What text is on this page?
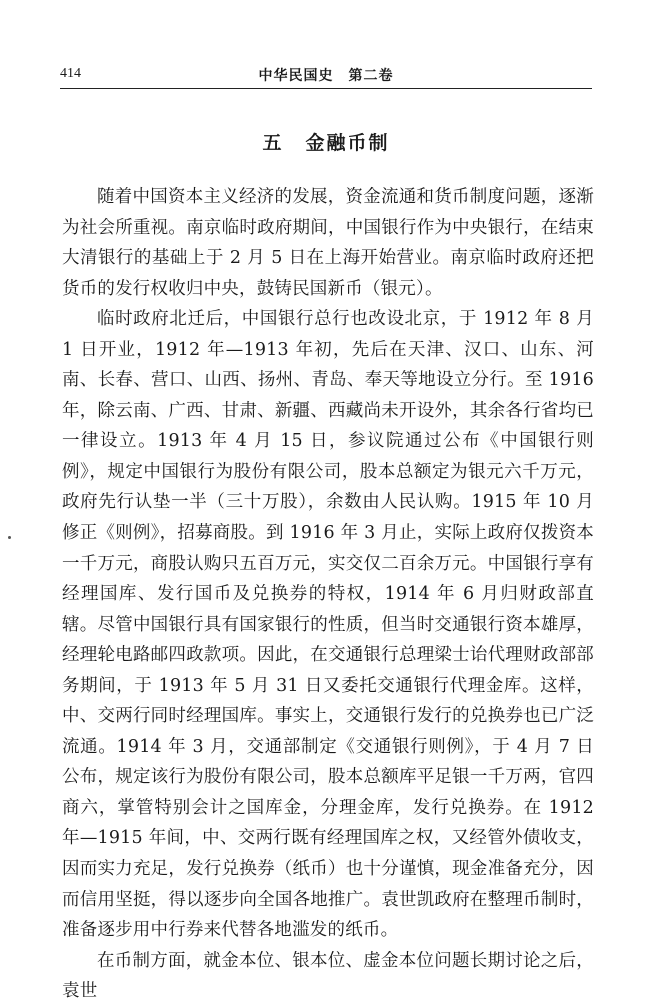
414	中华民国史　第二卷
五 金融币制

随着中国资本主义经济的发展，资金流通和货币制度问题，逐渐为社会所重视。南京临时政府期间，中国银行作为中央银行，在结束大清银行的基础上于 2 月 5 日在上海开始营业。南京临时政府还把货币的发行权收归中央，鼓铸民国新币（银元）。

临时政府北迁后，中国银行总行也改设北京，于 1912 年 8 月 1 日开业，1912 年—1913 年初，先后在天津、汉口、山东、河南、长春、营口、山西、扬州、青岛、奉天等地设立分行。至 1916 年，除云南、广西、甘肃、新疆、西藏尚未开设外，其余各行省均已一律设立。1913 年 4 月 15 日，参议院通过公布《中国银行则例》，规定中国银行为股份有限公司，股本总额定为银元六千万元，政府先行认垫一半（三十万股），余数由人民认购。1915 年 10 月修正《则例》，招募商股。到 1916 年 3 月止，实际上政府仅拨资本一千万元，商股认购只五百万元，实交仅二百余万元。中国银行享有经理国库、发行国币及兑换券的特权，1914 年 6 月归财政部直辖。尽管中国银行具有国家银行的性质，但当时交通银行资本雄厚，经理轮电路邮四政款项。因此，在交通银行总理梁士诒代理财政部部务期间，于 1913 年 5 月 31 日又委托交通银行代理金库。这样，中、交两行同时经理国库。事实上，交通银行发行的兑换券也已广泛流通。1914 年 3 月，交通部制定《交通银行则例》，于 4 月 7 日公布，规定该行为股份有限公司，股本总额库平足银一千万两，官四商六，掌管特别会计之国库金，分理金库，发行兑换券。在 1912 年—1915 年间，中、交两行既有经理国库之权，又经管外债收支，因而实力充足，发行兑换券（纸币）也十分谨慎，现金准备充分，因而信用坚挺，得以逐步向全国各地推广。袁世凯政府在整理币制时，准备逐步用中行券来代替各地滥发的纸币。

在币制方面，就金本位、银本位、虚金本位问题长期讨论之后，袁世
